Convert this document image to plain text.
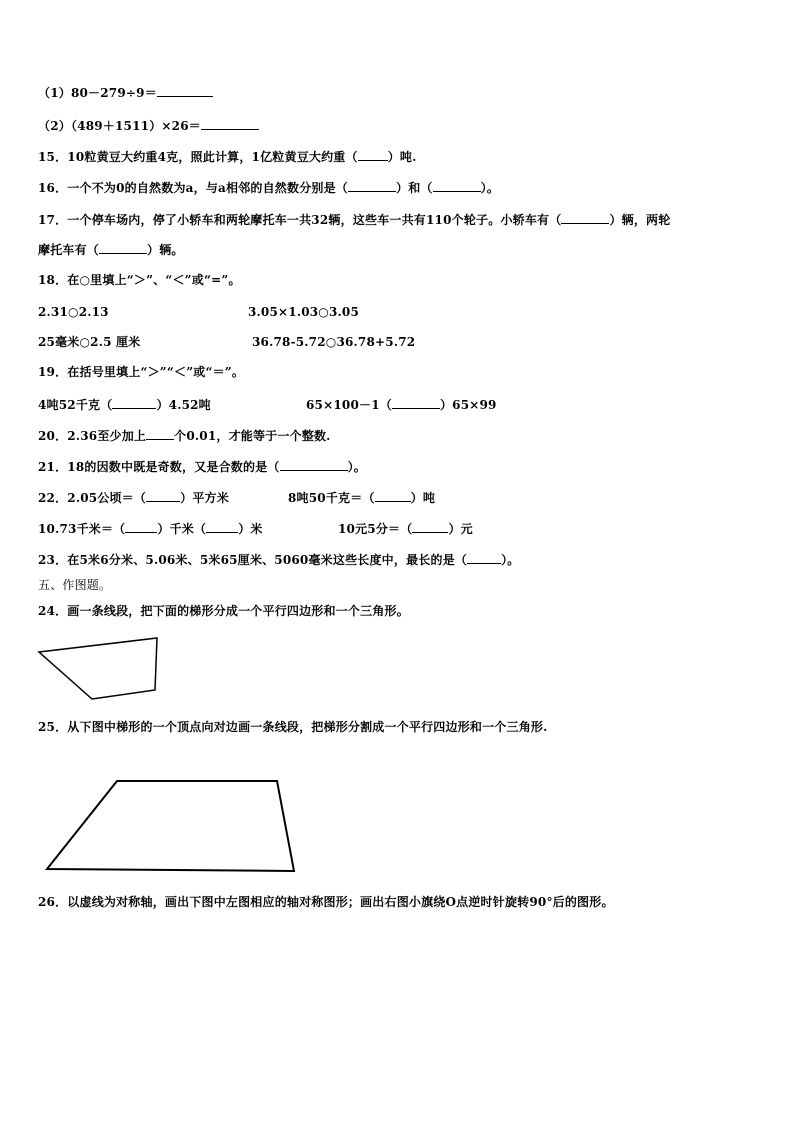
（1）80－279÷9＝
（2）（489＋1511）×26＝
15．10粒黄豆大约重4克，照此计算，1亿粒黄豆大约重（	）吨.
16．一个不为0的自然数为a，与a相邻的自然数分别是（	）和（	）。
17．一个停车场内，停了小轿车和两轮摩托车一共32辆，这些车一共有110个轮子。小轿车有（	）辆，两轮
摩托车有（	）辆。
18．在○里填上“＞”、“＜”或“=”。
2.31○2.13	3.05×1.03○3.05
25毫米○2.5 厘米	36.78-5.72○36.78+5.72
19．在括号里填上“＞”“＜”或“＝”。
4吨52千克（	）4.52吨	65×100－1（	）65×99
20．2.36至少加上 个0.01，才能等于一个整数.
21．18的因数中既是奇数，又是合数的是（	）。
22．2.05公顷＝（	）平方米	8吨50千克＝（	）吨
10.73千米＝（	）千米（	）米	10元5分＝（	）元
23．在5米6分米、5.06米、5米65厘米、5060毫米这些长度中，最长的是（	）。
五、作图题。
24．画一条线段，把下面的梯形分成一个平行四边形和一个三角形。
25．从下图中梯形的一个顶点向对边画一条线段，把梯形分割成一个平行四边形和一个三角形.
26．以虚线为对称轴，画出下图中左图相应的轴对称图形；画出右图小旗绕O点逆时针旋转90°后的图形。
